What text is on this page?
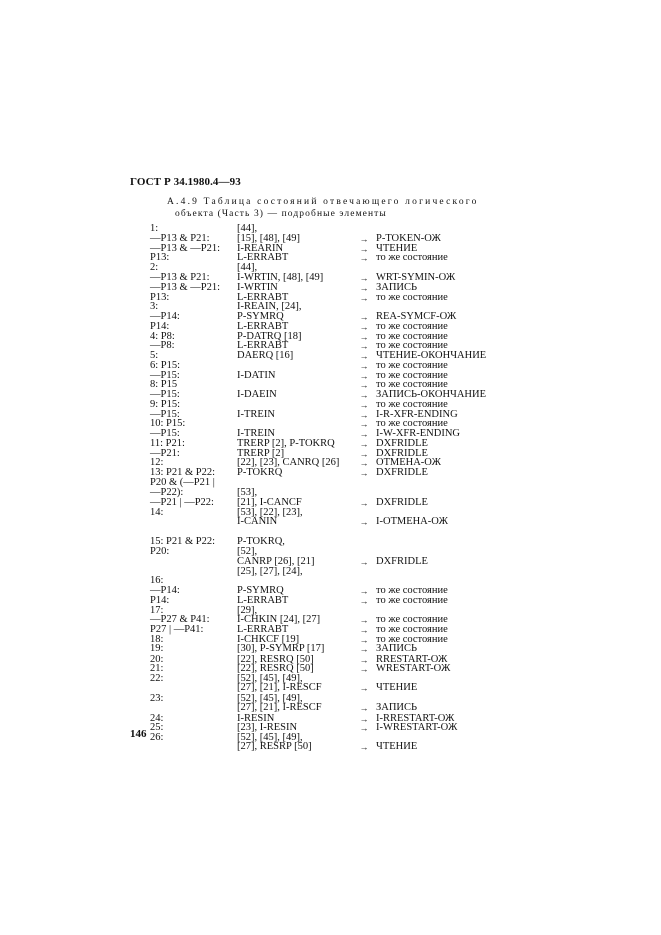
ГОСТ Р 34.1980.4—93
А.4.9 Таблица состояний отвечающего логического
объекта (Часть 3) — подробные элементы
1:	[44],
—P13 & P21:	[15], [48], [49]	→ P-TOKEN-ОЖ
—P13 & —P21:	I-REARIN	→ ЧТЕНИЕ
P13:	L-ERRABT	→ то же состояние
2:	[44],
—P13 & P21:	I-WRTIN, [48], [49]	→ WRT-SYMIN-ОЖ
—P13 & —P21:	I-WRTIN	→ ЗАПИСЬ
P13:	L-ERRABT	→ то же состояние
3:	I-REAIN, [24],
—P14:	P-SYMRQ	→ REA-SYMCF-ОЖ
P14:	L-ERRABT	→ то же состояние
4: P8:	P-DATRQ [18]	→ то же состояние
—P8:	L-ERRABT	→ то же состояние
5:	DAERQ [16]	→ ЧТЕНИЕ-ОКОНЧАНИЕ
6: P15:	→ то же состояние
—P15:	I-DATIN	→ то же состояние
8: P15	→ то же состояние
—P15:	I-DAEIN	→ ЗАПИСЬ-ОКОНЧАНИЕ
9: P15:	→ то же состояние
—P15:	I-TREIN	→ I-R-XFR-ENDING
10: P15:	→ то же состояние
—P15:	I-TREIN	→ I-W-XFR-ENDING
11: P21:	TRERP [2], P-TOKRQ	→ DXFRIDLE
—P21:	TRERP [2]	→ DXFRIDLE
12:	[22], [23], CANRQ [26] → ОТМЕНА-ОЖ
13: P21 & P22:	P-TOKRQ	→ DXFRIDLE
P20 & (—P21 |
—P22):	[53],
—P21 | —P22:	[21], I-CANCF	→ DXFRIDLE
14:	[53], [22], [23],
I-CANIN	→ I-ОТМЕНА-ОЖ
15: P21 & P22:	P-TOKRQ,
P20:	[52],
CANRP [26], [21]	→ DXFRIDLE
[25], [27], [24],
16:
—P14:	P-SYMRQ	→ то же состояние
P14:	L-ERRABT	→ то же состояние
17:	[29],
—P27 & P41:	I-CHKIN [24], [27]	→ то же состояние
P27 | —P41:	L-ERRABT	→ то же состояние
18:	I-CHKCF [19]	→ то же состояние
19:	[30], P-SYMRP [17]	→ ЗАПИСЬ
20:	[22], RESRQ [50]	→ RRESTART-ОЖ
21:	[22], RESRQ [50]	→ WRESTART-ОЖ
22:	[52], [45], [49],
[27], [21], I-RESCF	→ ЧТЕНИЕ
23:	[52], [45], [49],
[27], [21], I-RESCF	→ ЗАПИСЬ
24:	I-RESIN	→ I-RRESTART-ОЖ
25:	[23], I-RESIN	→ I-WRESTART-ОЖ
26:	[52], [45], [49],
[27], RESRP [50]	→ ЧТЕНИЕ
146
